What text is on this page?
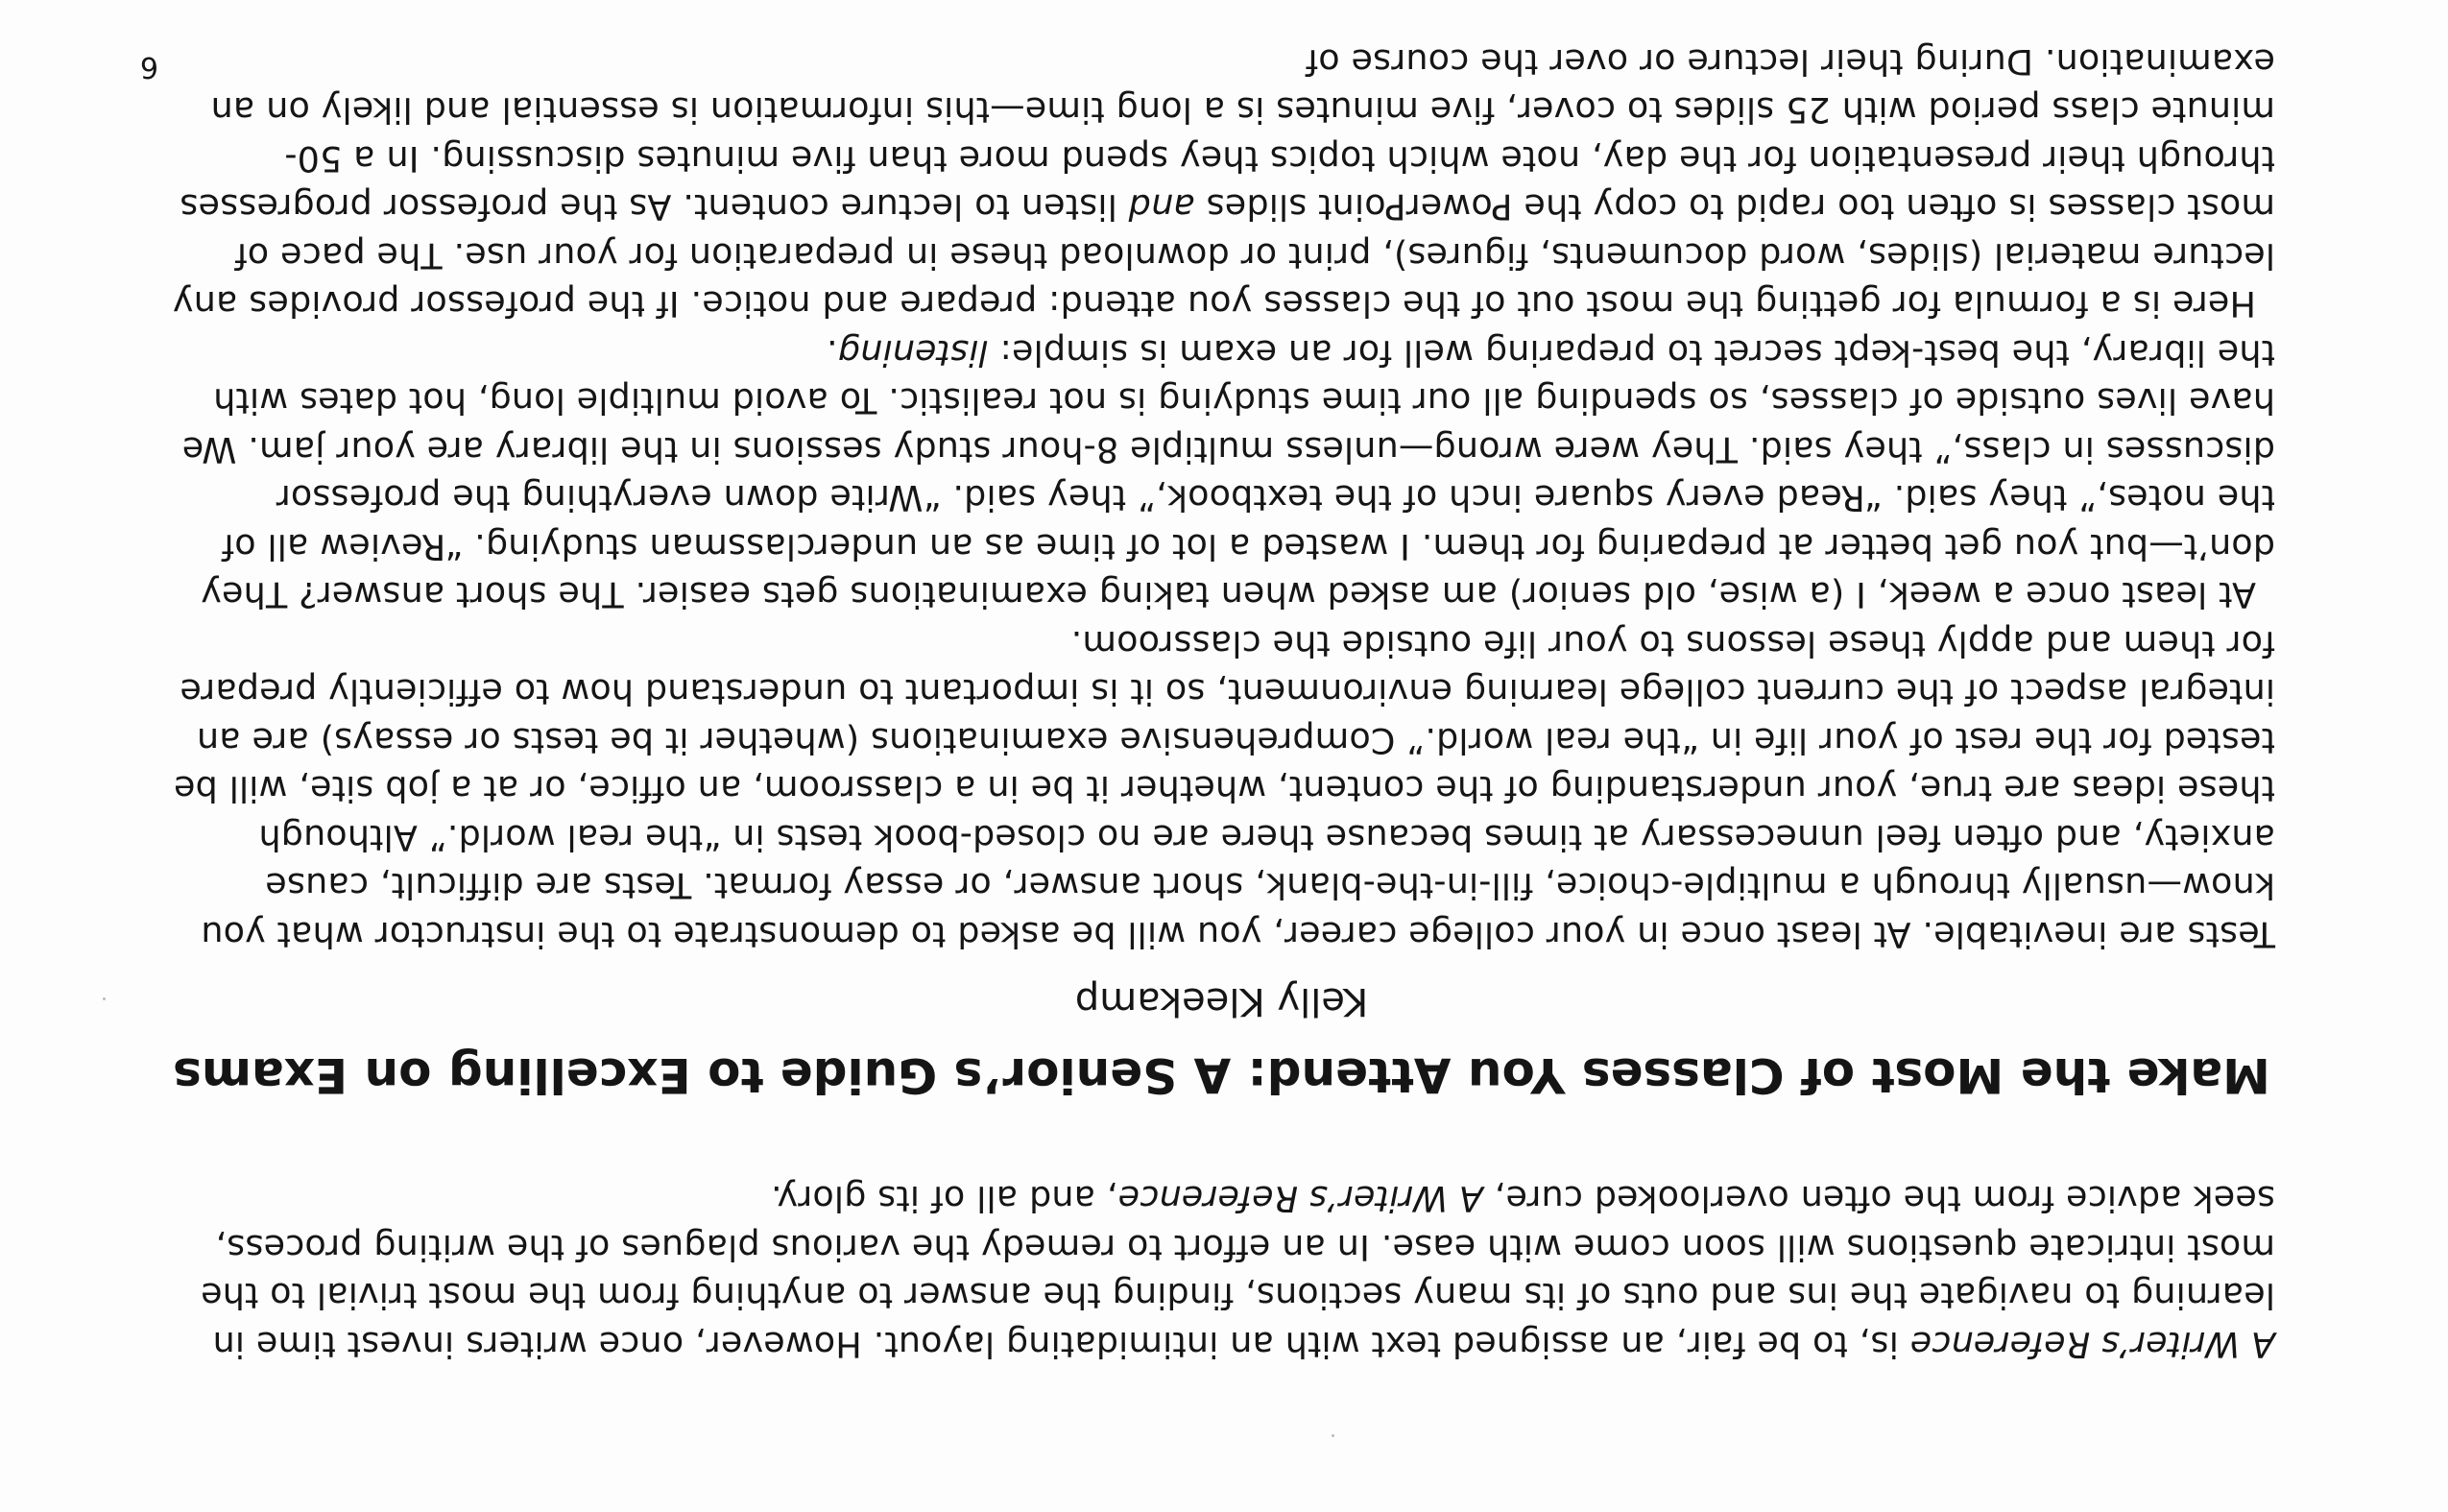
6
A Writer’s Reference is, to be fair, an assigned text with an intimidating layout. However, once writers invest time in learning to navigate the ins and outs of its many sections, finding the answer to anything from the most trivial to the most intricate questions will soon come with ease. In an effort to remedy the various plagues of the writing process, seek advice from the often overlooked cure, A Writer’s Reference, and all of its glory.
Make the Most of Classes You Attend: A Senior’s Guide to Excelling on Exams
Kelly Kleekamp

Tests are inevitable. At least once in your college career, you will be asked to demonstrate to the instructor what you know—usually through a multiple-choice, fill-in-the-blank, short answer, or essay format. Tests are difficult, cause anxiety, and often feel unnecessary at times because there are no closed-book tests in “the real world.” Although these ideas are true, your understanding of the content, whether it be in a classroom, an office, or at a job site, will be tested for the rest of your life in “the real world.” Comprehensive examinations (whether it be tests or essays) are an integral aspect of the current college learning environment, so it is important to understand how to efficiently prepare for them and apply these lessons to your life outside the classroom.

At least once a week, I (a wise, old senior) am asked when taking examinations gets easier. The short answer? They don’t—but you get better at preparing for them. I wasted a lot of time as an underclassman studying. “Review all of the notes,” they said. “Read every square inch of the textbook,” they said. “Write down everything the professor discusses in class,” they said. They were wrong—unless multiple 8-hour study sessions in the library are your jam. We have lives outside of classes, so spending all our time studying is not realistic. To avoid multiple long, hot dates with the library, the best-kept secret to preparing well for an exam is simple: listening.

Here is a formula for getting the most out of the classes you attend: prepare and notice. If the professor provides any lecture material (slides, word documents, figures), print or download these in preparation for your use. The pace of most classes is often too rapid to copy the PowerPoint slides and listen to lecture content. As the professor progresses through their presentation for the day, note which topics they spend more than five minutes discussing. In a 50-minute class period with 25 slides to cover, five minutes is a long time—this information is essential and likely on an examination. During their lecture or over the course of
